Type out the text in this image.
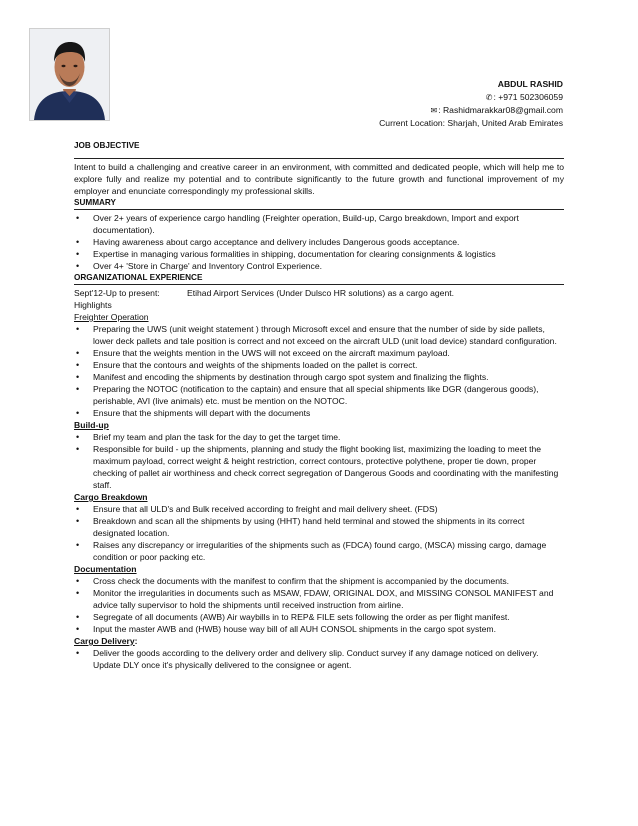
ABDUL RASHID
✆: +971 502306059
✉: Rashidmarakkar08@gmail.com
Current Location: Sharjah, United Arab Emirates
JOB OBJECTIVE

Intent to build a challenging and creative career in an environment, with committed and dedicated people, which will help me to explore fully and realize my potential and to contribute significantly to the future growth and functional improvement of my employer and enunciate correspondingly my professional skills.

SUMMARY
• Over 2+ years of experience cargo handling (Freighter operation, Build-up, Cargo breakdown, Import and export documentation).
• Having awareness about cargo acceptance and delivery includes Dangerous goods acceptance.
• Expertise in managing various formalities in shipping, documentation for clearing consignments & logistics
• Over 4+ 'Store in Charge' and Inventory Control Experience.
ORGANIZATIONAL EXPERIENCE
Sept'12-Up to present:	Etihad Airport Services (Under Dulsco HR solutions) as a cargo agent.
Highlights
Freighter Operation
• Preparing the UWS (unit weight statement ) through Microsoft excel and ensure that the number of side by side pallets, lower deck pallets and tale position is correct and not exceed on the aircraft ULD (unit load device) standard configuration.
• Ensure that the weights mention in the UWS will not exceed on the aircraft maximum payload.
• Ensure that the contours and weights of the shipments loaded on the pallet is correct.
• Manifest and encoding the shipments by destination through cargo spot system and finalizing the flights.
• Preparing the NOTOC (notification to the captain) and ensure that all special shipments like DGR (dangerous goods), perishable, AVI (live animals) etc. must be mention on the NOTOC.
• Ensure that the shipments will depart with the documents
Build-up
• Brief my team and plan the task for the day to get the target time.
• Responsible for build - up the shipments, planning and study the flight booking list, maximizing the loading to meet the maximum payload, correct weight & height restriction, correct contours, protective polythene, proper tie down, proper checking of pallet air worthiness and check correct segregation of Dangerous Goods and coordinating with the manifesting staff.
Cargo Breakdown
• Ensure that all ULD's and Bulk received according to freight and mail delivery sheet. (FDS)
• Breakdown and scan all the shipments by using (HHT) hand held terminal and stowed the shipments in its correct designated location.
• Raises any discrepancy or irregularities of the shipments such as (FDCA) found cargo, (MSCA) missing cargo, damage condition or poor packing etc.
Documentation
• Cross check the documents with the manifest to confirm that the shipment is accompanied by the documents.
• Monitor the irregularities in documents such as MSAW, FDAW, ORIGINAL DOX, and MISSING CONSOL MANIFEST and advice tally supervisor to hold the shipments until received instruction from airline.
• Segregate of all documents (AWB) Air waybills in to REP& FILE sets following the order as per flight manifest.
• Input the master AWB and (HWB) house way bill of all AUH CONSOL shipments in the cargo spot system.
Cargo Delivery:
• Deliver the goods according to the delivery order and delivery slip. Conduct survey if any damage noticed on delivery. Update DLY once it's physically delivered to the consignee or agent.
